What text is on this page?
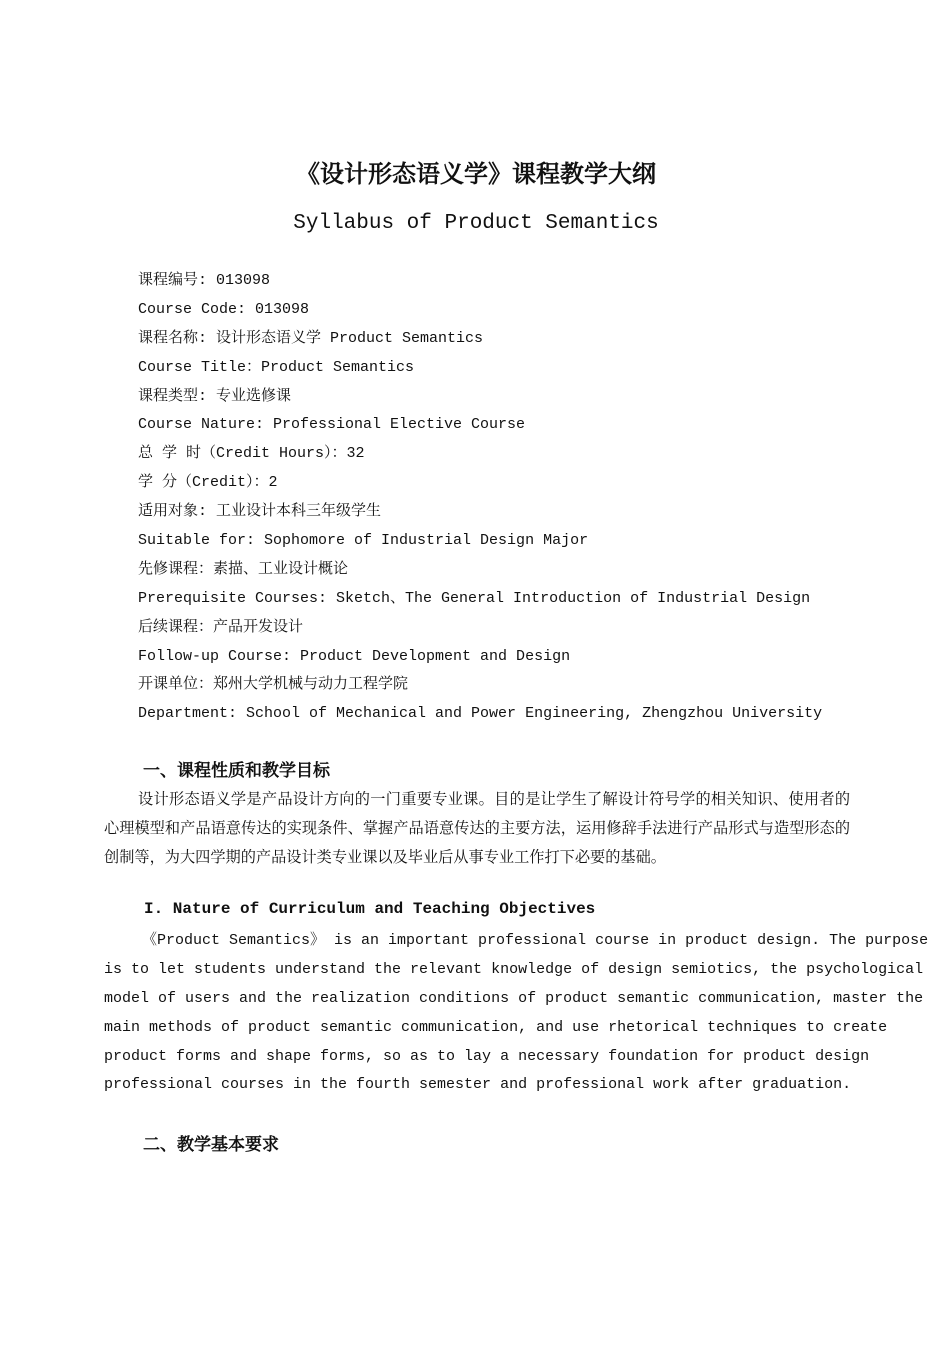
《设计形态语义学》课程教学大纲
Syllabus of Product Semantics
课程编号: 013098
Course Code: 013098
课程名称: 设计形态语义学 Product Semantics
Course Title：Product Semantics
课程类型: 专业选修课
Course Nature: Professional Elective Course
总 学 时（Credit Hours）：32
学 分（Credit）：2
适用对象: 工业设计本科三年级学生
Suitable for: Sophomore of Industrial Design Major
先修课程：素描、工业设计概论
Prerequisite Courses: Sketch、The General Introduction of Industrial Design
后续课程：产品开发设计
Follow-up Course: Product Development and Design
开课单位：郑州大学机械与动力工程学院
Department: School of Mechanical and Power Engineering, Zhengzhou University
一、课程性质和教学目标
设计形态语义学是产品设计方向的一门重要专业课。目的是让学生了解设计符号学的相关知识、使用者的心理模型和产品语意传达的实现条件、掌握产品语意传达的主要方法，运用修辞手法进行产品形式与造型形态的创制等，为大四学期的产品设计类专业课以及毕业后从事专业工作打下必要的基础。
I. Nature of Curriculum and Teaching Objectives
《Product Semantics》 is an important professional course in product design. The purpose
is to let students understand the relevant knowledge of design semiotics, the psychological
model of users and the realization conditions of product semantic communication, master the
main methods of product semantic communication, and use rhetorical techniques to create
product forms and shape forms, so as to lay a necessary foundation for product design
professional courses in the fourth semester and professional work after graduation.
二、教学基本要求
